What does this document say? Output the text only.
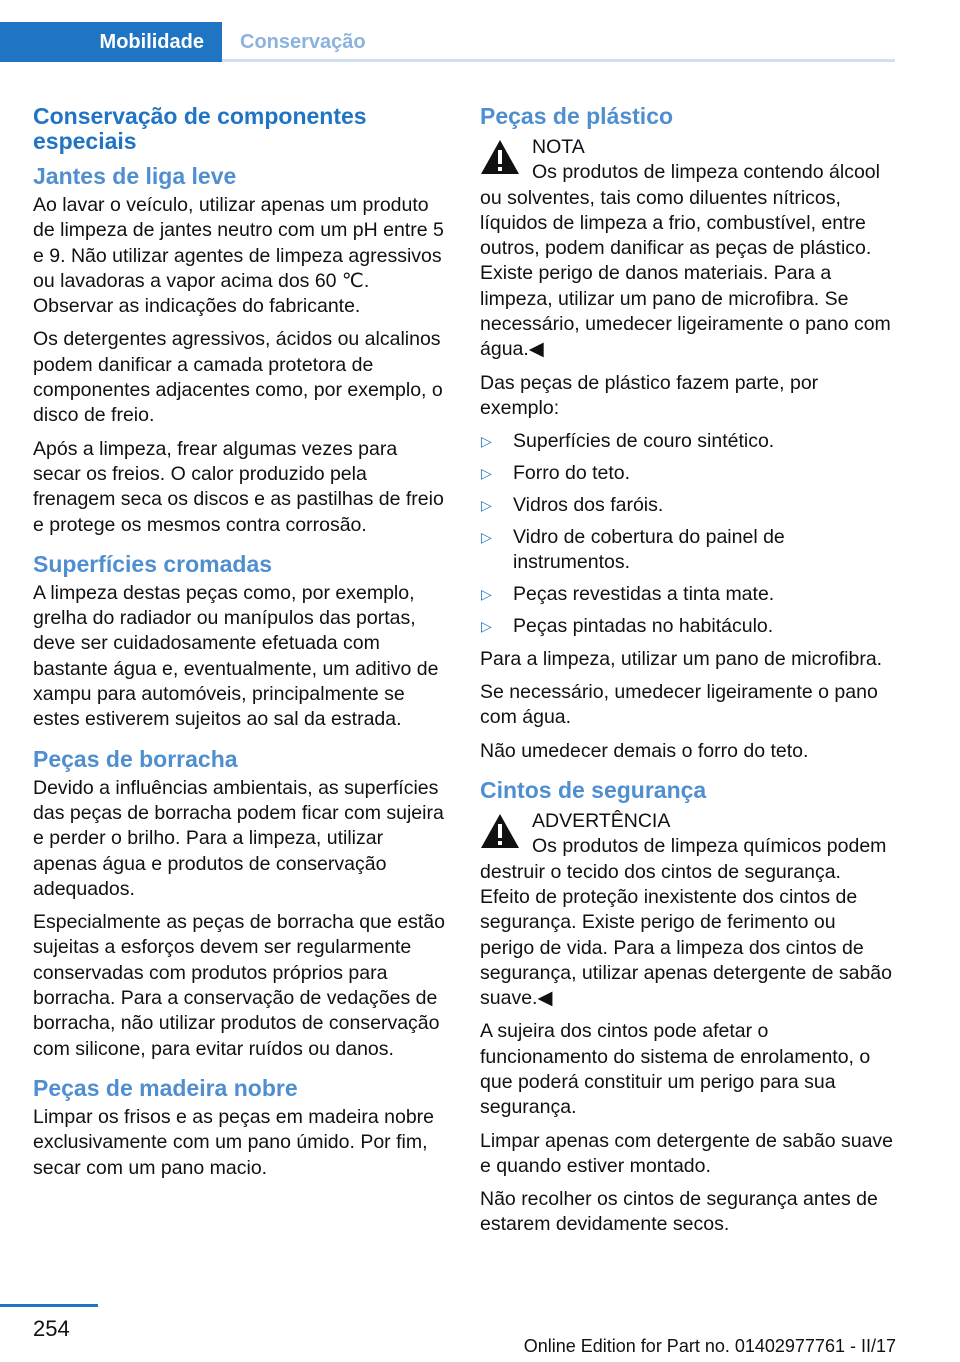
Mobilidade	Conservação
Conservação de componentes especiais
Jantes de liga leve

Ao lavar o veículo, utilizar apenas um produto de limpeza de jantes neutro com um pH entre 5 e 9. Não utilizar agentes de limpeza agressivos ou lavadoras a vapor acima dos 60 ℃. Observar as indicações do fabricante.

Os detergentes agressivos, ácidos ou alcalinos podem danificar a camada protetora de componentes adjacentes como, por exemplo, o disco de freio.

Após a limpeza, frear algumas vezes para secar os freios. O calor produzido pela frenagem seca os discos e as pastilhas de freio e protege os mesmos contra corrosão.

Superfícies cromadas

A limpeza destas peças como, por exemplo, grelha do radiador ou manípulos das portas, deve ser cuidadosamente efetuada com bastante água e, eventualmente, um aditivo de xampu para automóveis, principalmente se estes estiverem sujeitos ao sal da estrada.

Peças de borracha

Devido a influências ambientais, as superfícies das peças de borracha podem ficar com sujeira e perder o brilho. Para a limpeza, utilizar apenas água e produtos de conservação adequados.

Especialmente as peças de borracha que estão sujeitas a esforços devem ser regularmente conservadas com produtos próprios para borracha. Para a conservação de vedações de borracha, não utilizar produtos de conservação com silicone, para evitar ruídos ou danos.

Peças de madeira nobre

Limpar os frisos e as peças em madeira nobre exclusivamente com um pano úmido. Por fim, secar com um pano macio.

Peças de plástico
NOTA
Os produtos de limpeza contendo álcool ou solventes, tais como diluentes nítricos, líquidos de limpeza a frio, combustível, entre outros, podem danificar as peças de plástico. Existe perigo de danos materiais. Para a limpeza, utilizar um pano de microfibra. Se necessário, umedecer ligeiramente o pano com água.◀

Das peças de plástico fazem parte, por exemplo:

▷ Superfícies de couro sintético.
▷ Forro do teto.
▷ Vidros dos faróis.
▷ Vidro de cobertura do painel de instrumentos.
▷ Peças revestidas a tinta mate.
▷ Peças pintadas no habitáculo.

Para a limpeza, utilizar um pano de microfibra.

Se necessário, umedecer ligeiramente o pano com água.

Não umedecer demais o forro do teto.

Cintos de segurança
ADVERTÊNCIA
Os produtos de limpeza químicos podem destruir o tecido dos cintos de segurança. Efeito de proteção inexistente dos cintos de segurança. Existe perigo de ferimento ou perigo de vida. Para a limpeza dos cintos de segurança, utilizar apenas detergente de sabão suave.◀

A sujeira dos cintos pode afetar o funcionamento do sistema de enrolamento, o que poderá constituir um perigo para sua segurança.

Limpar apenas com detergente de sabão suave e quando estiver montado.

Não recolher os cintos de segurança antes de estarem devidamente secos.

254
Online Edition for Part no. 01402977761 - II/17
